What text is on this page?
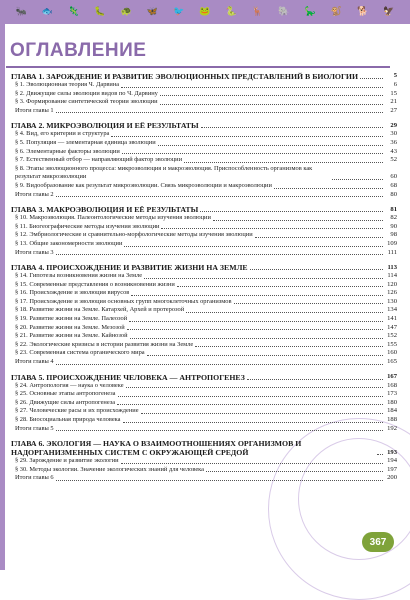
🐜 🐟 🦎 🐛 🐢 🦋 🐦 🐸 🐍 🦌 🐘 🦕 🐒 🐕 🦅
ОГЛАВЛЕНИЕ
ГЛАВА 1. ЗАРОЖДЕНИЕ И РАЗВИТИЕ ЭВОЛЮЦИОННЫХ ПРЕДСТАВЛЕНИЙ В БИОЛОГИИ	5
§ 1. Эволюционная теория Ч. Дарвина	6
§ 2. Движущие силы эволюции видов по Ч. Дарвину	15
§ 3. Формирование синтетической теории эволюции	21
Итоги главы 1	27
ГЛАВА 2. МИКРОЭВОЛЮЦИЯ И ЕЁ РЕЗУЛЬТАТЫ	29
§ 4. Вид, его критерии и структура	30
§ 5. Популяция — элементарная единица эволюции	36
§ 6. Элементарные факторы эволюции	43
§ 7. Естественный отбор — направляющий фактор эволюции	52
§ 8. Этапы эволюционного процесса: микроэволюция и макроэволюция. Приспособленность организмов как результат микроэволюции	60
§ 9. Видообразование как результат микроэволюции. Связь микроэволюции и макроэволюции	68
Итоги главы 2	80
ГЛАВА 3. МАКРОЭВОЛЮЦИЯ И ЕЁ РЕЗУЛЬТАТЫ	81
§ 10. Макроэволюция. Палеонтологические методы изучения эволюции	82
§ 11. Биогеографические методы изучения эволюции	90
§ 12. Эмбриологические и сравнительно-морфологические методы изучения эволюции	98
§ 13. Общие закономерности эволюции	109
Итоги главы 3	111
ГЛАВА 4. ПРОИСХОЖДЕНИЕ И РАЗВИТИЕ ЖИЗНИ НА ЗЕМЛЕ	113
§ 14. Гипотезы возникновения жизни на Земле	114
§ 15. Современные представления о возникновении жизни	120
§ 16. Происхождение и эволюция вирусов	126
§ 17. Происхождение и эволюция основных групп многоклеточных организмов	130
§ 18. Развитие жизни на Земле. Катархей, Архей и протерозой	134
§ 19. Развитие жизни на Земле. Палеозой	141
§ 20. Развитие жизни на Земле. Мезозой	147
§ 21. Развитие жизни на Земле. Кайнозой	152
§ 22. Экологические кризисы в истории развития жизни на Земле	155
§ 23. Современная система органического мира	160
Итоги главы 4	165
ГЛАВА 5. ПРОИСХОЖДЕНИЕ ЧЕЛОВЕКА — АНТРОПОГЕНЕЗ	167
§ 24. Антропология — наука о человеке	168
§ 25. Основные этапы антропогенеза	173
§ 26. Движущие силы антропогенеза	180
§ 27. Человеческие расы и их происхождение	184
§ 28. Биосоциальная природа человека	188
Итоги главы 5	192
ГЛАВА 6. ЭКОЛОГИЯ — НАУКА О ВЗАИМООТНОШЕНИЯХ ОРГАНИЗМОВ И НАДОРГАНИЗМЕННЫХ СИСТЕМ С ОКРУЖАЮЩЕЙ СРЕДОЙ	193
§ 29. Зарождение и развитие экологии	194
§ 30. Методы экологии. Значение экологических знаний для человека	197
Итоги главы 6	200
367
